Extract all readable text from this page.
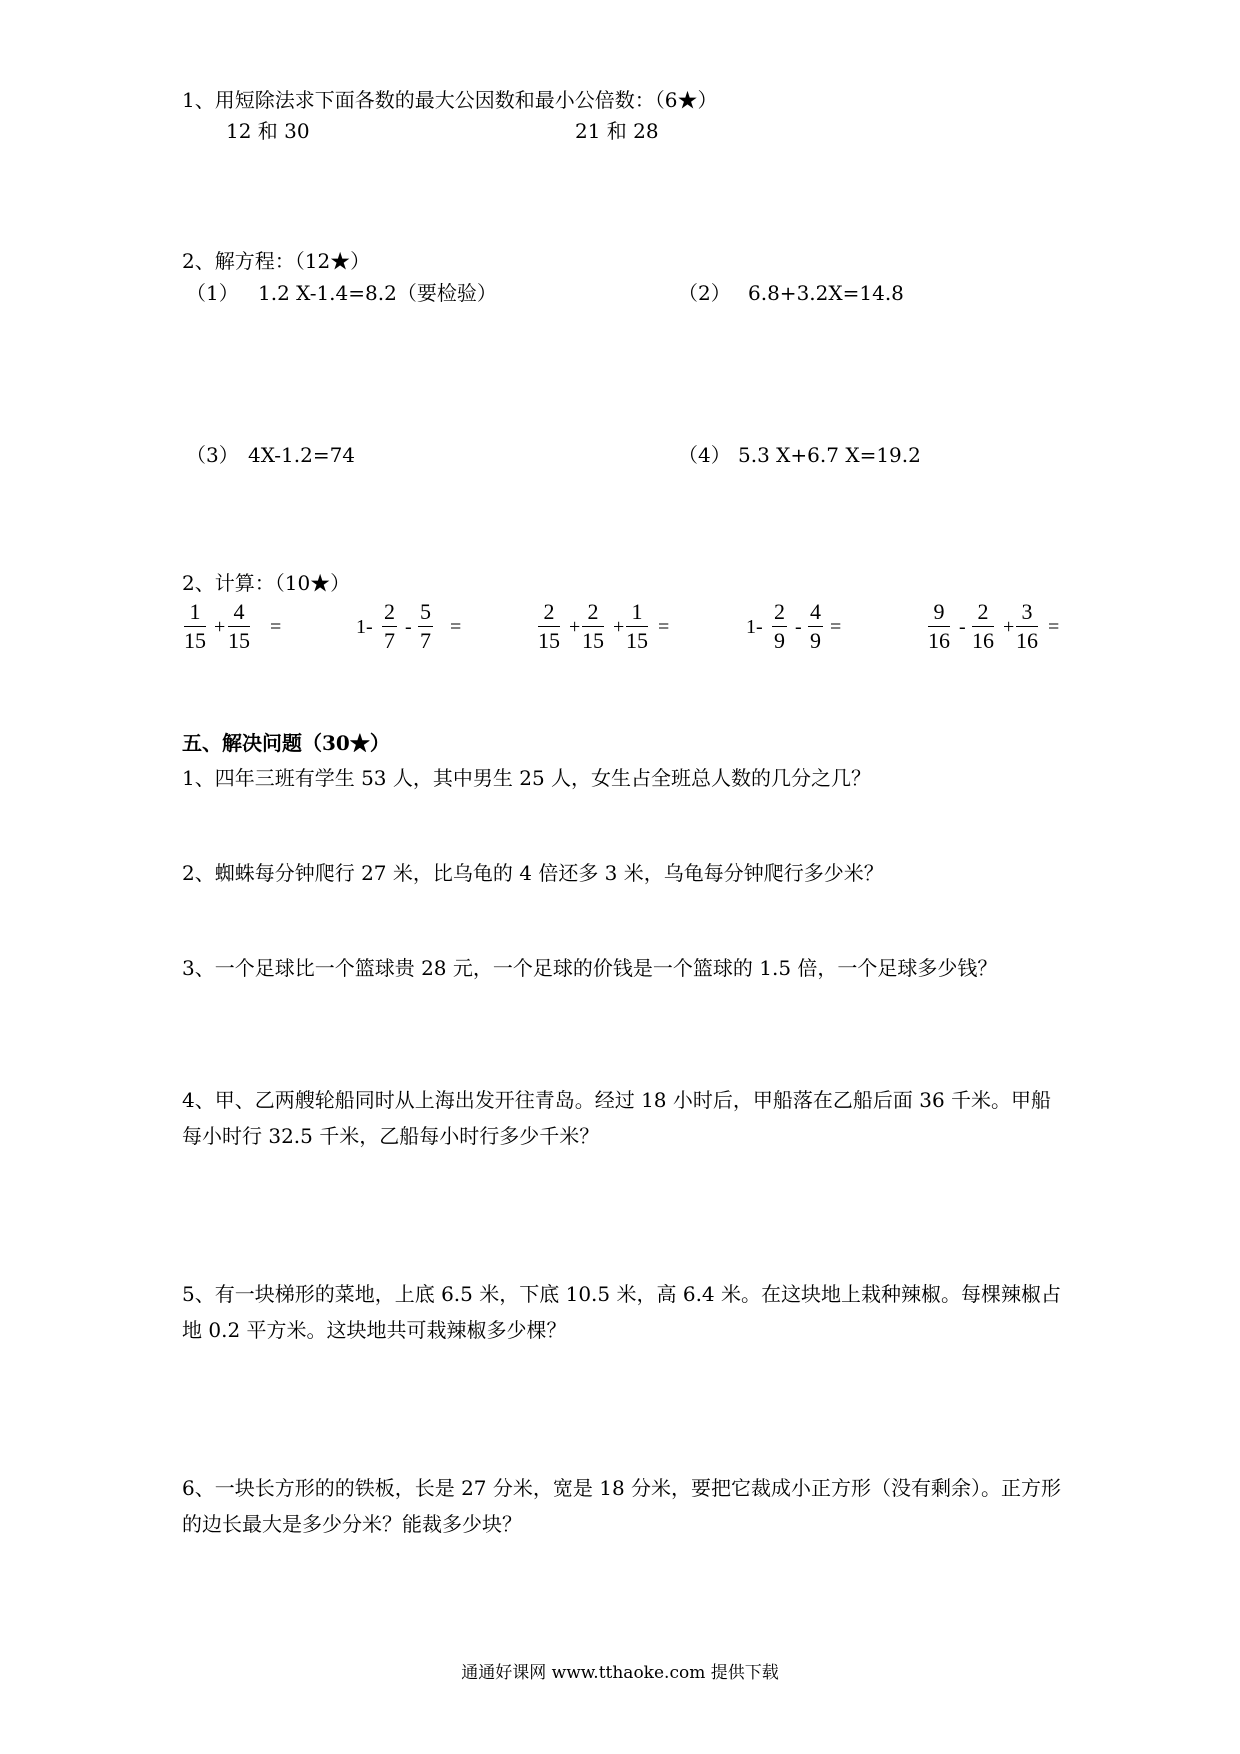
1、用短除法求下面各数的最大公因数和最小公倍数：（6★）
12 和 30	21 和 28
2、解方程：（12★）
（1） 1.2 X-1.4=8.2（要检验）	（2） 6.8+3.2X=14.8
（3） 4X-1.2=74	（4） 5.3 X+6.7 X=19.2
2、计算：（10★）
1
15
+
4
15
=	1-
2
7
-
5
7
=
2
15
+
2
15
+
1
15
=	1-
2
9
-
4
9
=
9
16
-
2
16
+
3
16
=
五、解决问题（30★）
1、四年三班有学生 53 人，其中男生 25 人，女生占全班总人数的几分之几？
2、蜘蛛每分钟爬行 27 米，比乌龟的 4 倍还多 3 米，乌龟每分钟爬行多少米？
3、一个足球比一个篮球贵 28 元，一个足球的价钱是一个篮球的 1.5 倍，一个足球多少钱？
4、甲、乙两艘轮船同时从上海出发开往青岛。经过 18 小时后，甲船落在乙船后面 36 千米。甲船
每小时行 32.5 千米，乙船每小时行多少千米？
5、有一块梯形的菜地，上底 6.5 米，下底 10.5 米，高 6.4 米。在这块地上栽种辣椒。每棵辣椒占
地 0.2 平方米。这块地共可栽辣椒多少棵？
6、一块长方形的的铁板，长是 27 分米，宽是 18 分米，要把它裁成小正方形（没有剩余）。正方形
的边长最大是多少分米？能裁多少块？
通通好课网 www.tthaoke.com 提供下载
